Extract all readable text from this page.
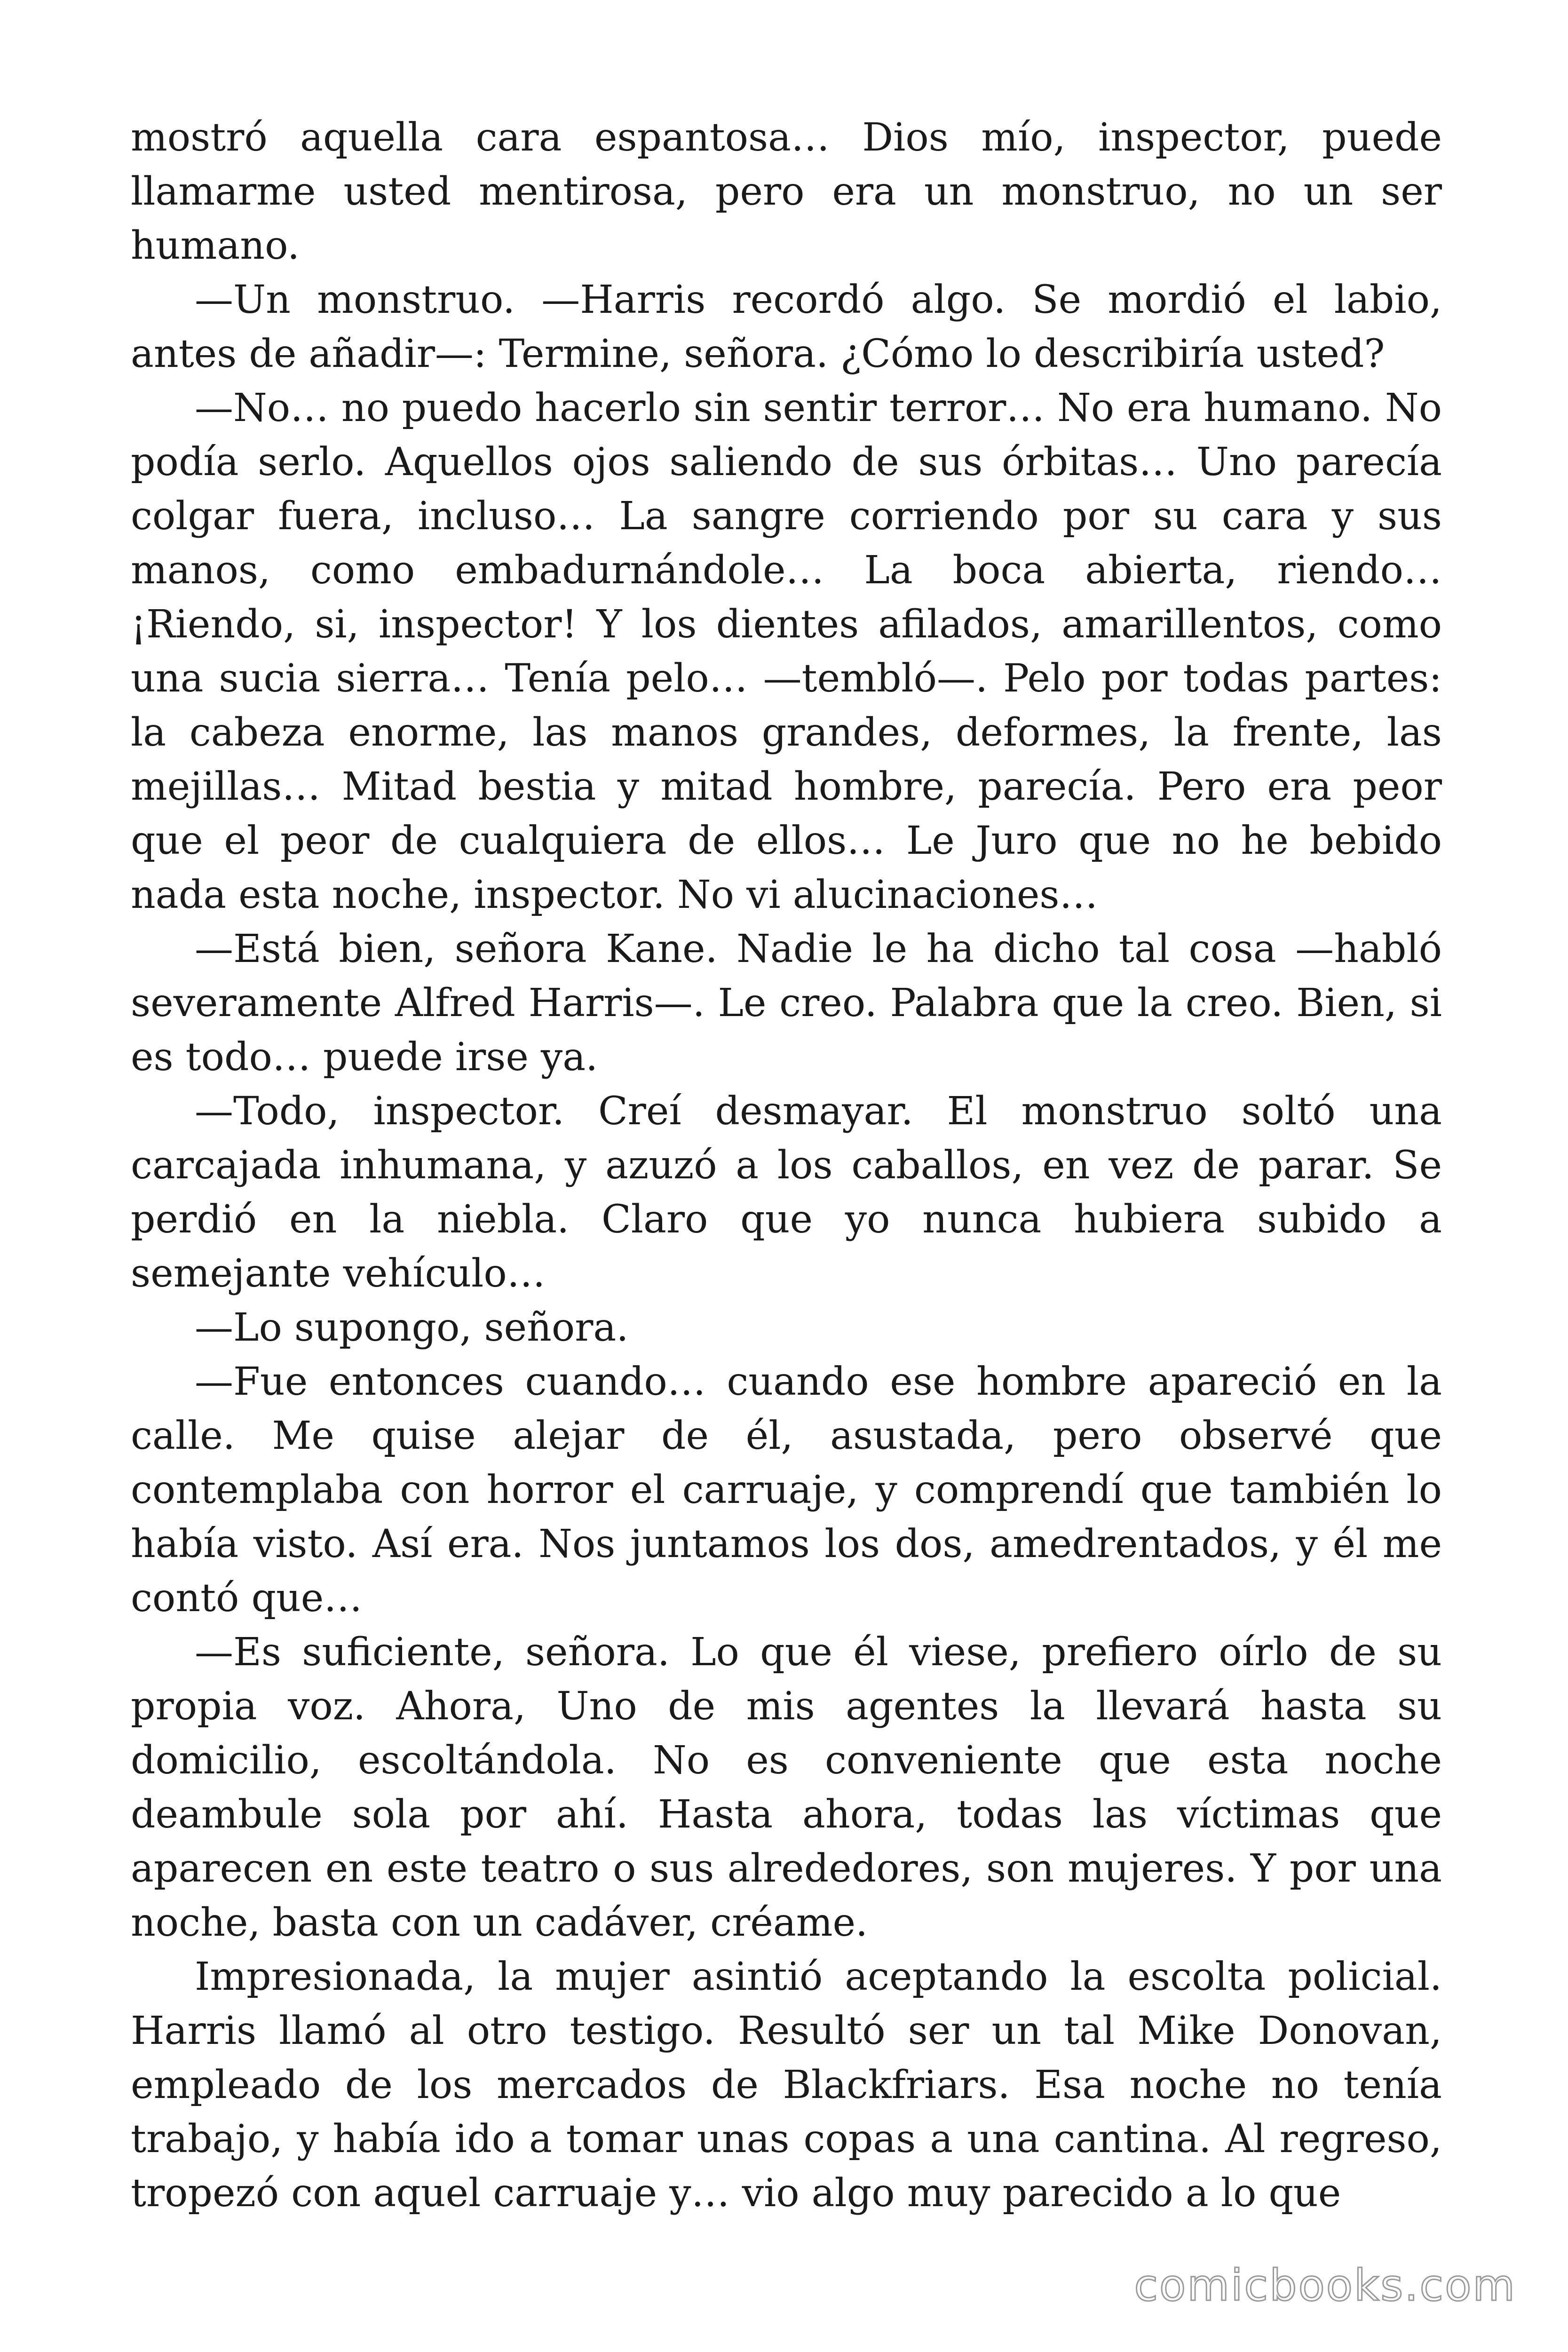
mostró aquella cara espantosa… Dios mío, inspector, puede llamarme usted mentirosa, pero era un monstruo, no un ser humano.

—Un monstruo. —Harris recordó algo. Se mordió el labio, antes de añadir—: Termine, señora. ¿Cómo lo describiría usted?

—No… no puedo hacerlo sin sentir terror… No era humano. No podía serlo. Aquellos ojos saliendo de sus órbitas… Uno parecía colgar fuera, incluso… La sangre corriendo por su cara y sus manos, como embadurnándole… La boca abierta, riendo… ¡Riendo, si, inspector! Y los dientes afilados, amarillentos, como una sucia sierra… Tenía pelo… —tembló—. Pelo por todas partes: la cabeza enorme, las manos grandes, deformes, la frente, las mejillas… Mitad bestia y mitad hombre, parecía. Pero era peor que el peor de cualquiera de ellos… Le Juro que no he bebido nada esta noche, inspector. No vi alucinaciones…

—Está bien, señora Kane. Nadie le ha dicho tal cosa —habló severamente Alfred Harris—. Le creo. Palabra que la creo. Bien, si es todo… puede irse ya.

—Todo, inspector. Creí desmayar. El monstruo soltó una carcajada inhumana, y azuzó a los caballos, en vez de parar. Se perdió en la niebla. Claro que yo nunca hubiera subido a semejante vehículo…

—Lo supongo, señora.

—Fue entonces cuando… cuando ese hombre apareció en la calle. Me quise alejar de él, asustada, pero observé que contemplaba con horror el carruaje, y comprendí que también lo había visto. Así era. Nos juntamos los dos, amedrentados, y él me contó que…

—Es suficiente, señora. Lo que él viese, prefiero oírlo de su propia voz. Ahora, Uno de mis agentes la llevará hasta su domicilio, escoltándola. No es conveniente que esta noche deambule sola por ahí. Hasta ahora, todas las víctimas que aparecen en este teatro o sus alrededores, son mujeres. Y por una noche, basta con un cadáver, créame.

Impresionada, la mujer asintió aceptando la escolta policial. Harris llamó al otro testigo. Resultó ser un tal Mike Donovan, empleado de los mercados de Blackfriars. Esa noche no tenía trabajo, y había ido a tomar unas copas a una cantina. Al regreso, tropezó con aquel carruaje y… vio algo muy parecido a lo que

comicbooks.com
